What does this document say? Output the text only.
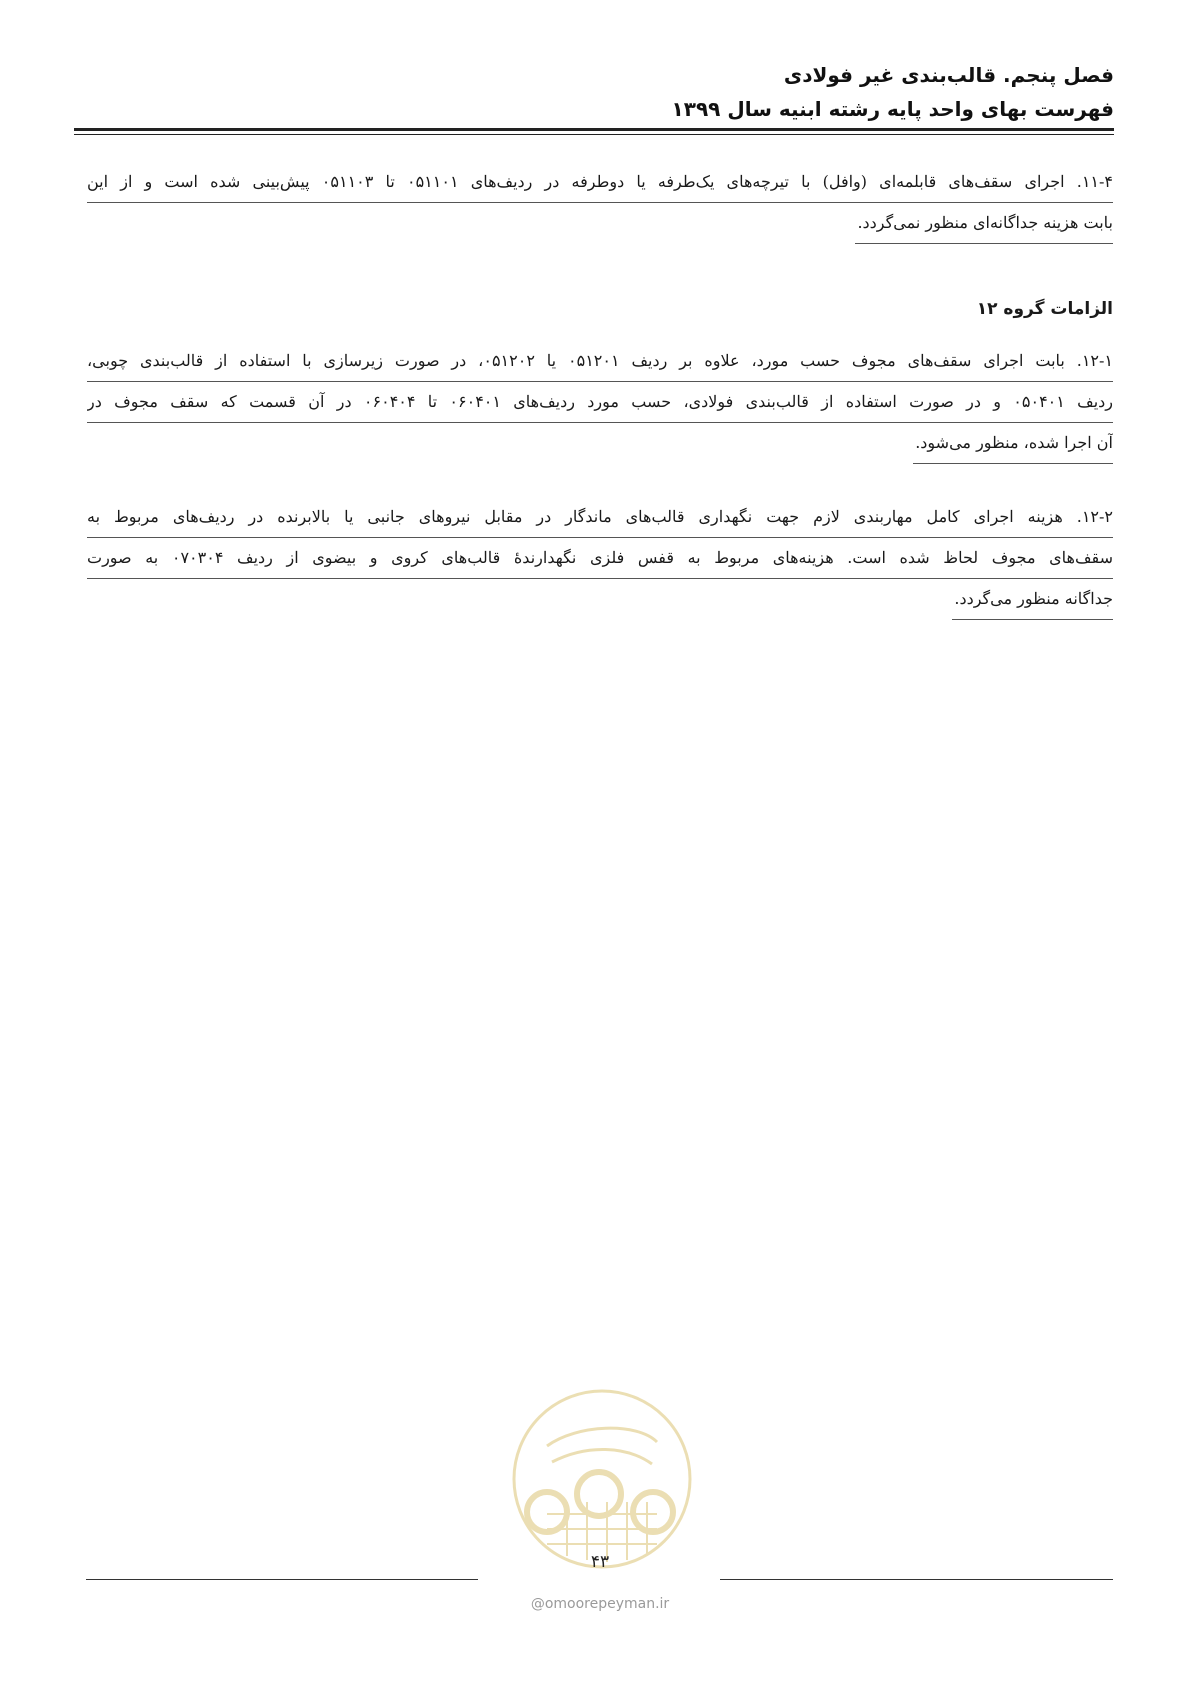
فصل پنجم. قالب‌بندی غیر فولادی
فهرست بهای واحد پایه رشته ابنیه سال ۱۳۹۹
۱۱-۴. اجرای سقف‌های قابلمه‌ای (وافل) با تیرچه‌های یک‌طرفه یا دوطرفه در ردیف‌های ۰۵۱۱۰۱ تا ۰۵۱۱۰۳ پیش‌بینی شده است و از این
بابت هزینه جداگانه‌ای منظور نمی‌گردد.
الزامات گروه ۱۲
۱۲-۱. بابت اجرای سقف‌های مجوف حسب مورد، علاوه بر ردیف ۰۵۱۲۰۱ یا ۰۵۱۲۰۲، در صورت زیرسازی با استفاده از قالب‌بندی چوبی،
ردیف ۰۵۰۴۰۱ و در صورت استفاده از قالب‌بندی فولادی، حسب مورد ردیف‌های ۰۶۰۴۰۱ تا ۰۶۰۴۰۴ در آن قسمت که سقف مجوف در
آن اجرا شده، منظور می‌شود.
۱۲-۲. هزینه اجرای کامل مهاربندی لازم جهت نگهداری قالب‌های ماندگار در مقابل نیروهای جانبی یا بالابرنده در ردیف‌های مربوط به
سقف‌های مجوف لحاظ شده است. هزینه‌های مربوط به قفس فلزی نگهدارندهٔ قالب‌های کروی و بیضوی از ردیف ۰۷۰۳۰۴ به صورت
جداگانه منظور می‌گردد.
۴۳
@omoorepeyman.ir
